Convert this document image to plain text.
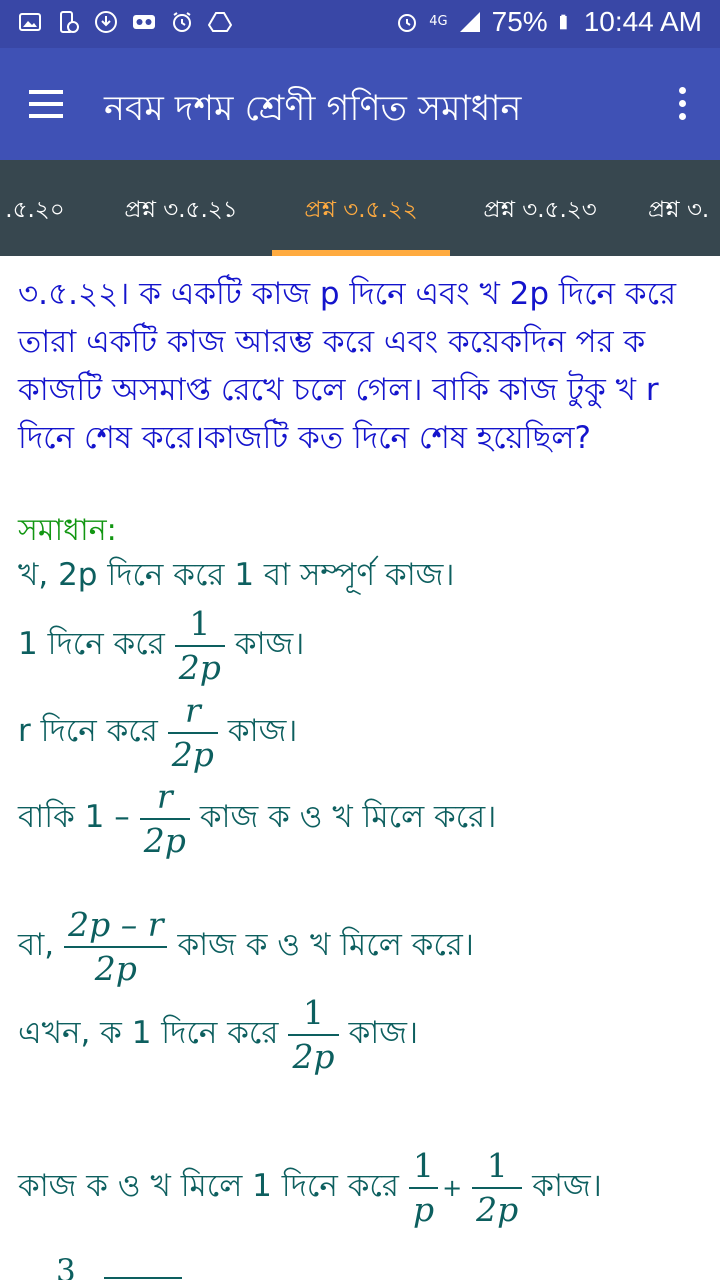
4G 75% 10:44 AM
নবম দশম শ্রেণী গণিত সমাধান
.৫.২০	প্রশ্ন ৩.৫.২১	প্রশ্ন ৩.৫.২২	প্রশ্ন ৩.৫.২৩	প্রশ্ন ৩.
৩.৫.২২। ক একটি কাজ p দিনে এবং খ 2p দিনে করে তারা একটি কাজ আরম্ভ করে এবং কয়েকদিন পর ক কাজটি অসমাপ্ত রেখে চলে গেল। বাকি কাজ টুকু খ r দিনে শেষ করে।কাজটি কত দিনে শেষ হয়েছিল?
সমাধান:
খ, 2p দিনে করে 1 বা সম্পূর্ণ কাজ।
1 দিনে করে $\frac{1}{2p}$ কাজ।
r দিনে করে $\frac{r}{2p}$ কাজ।
বাকি $1 - \frac{r}{2p}$ কাজ ক ও খ মিলে করে।
বা, $\frac{2p - r}{2p}$ কাজ ক ও খ মিলে করে।
এখন, ক 1 দিনে করে $\frac{1}{2p}$ কাজ।
কাজ ক ও খ মিলে 1 দিনে করে $\frac{1}{p} + \frac{1}{2p}$ কাজ।
3
